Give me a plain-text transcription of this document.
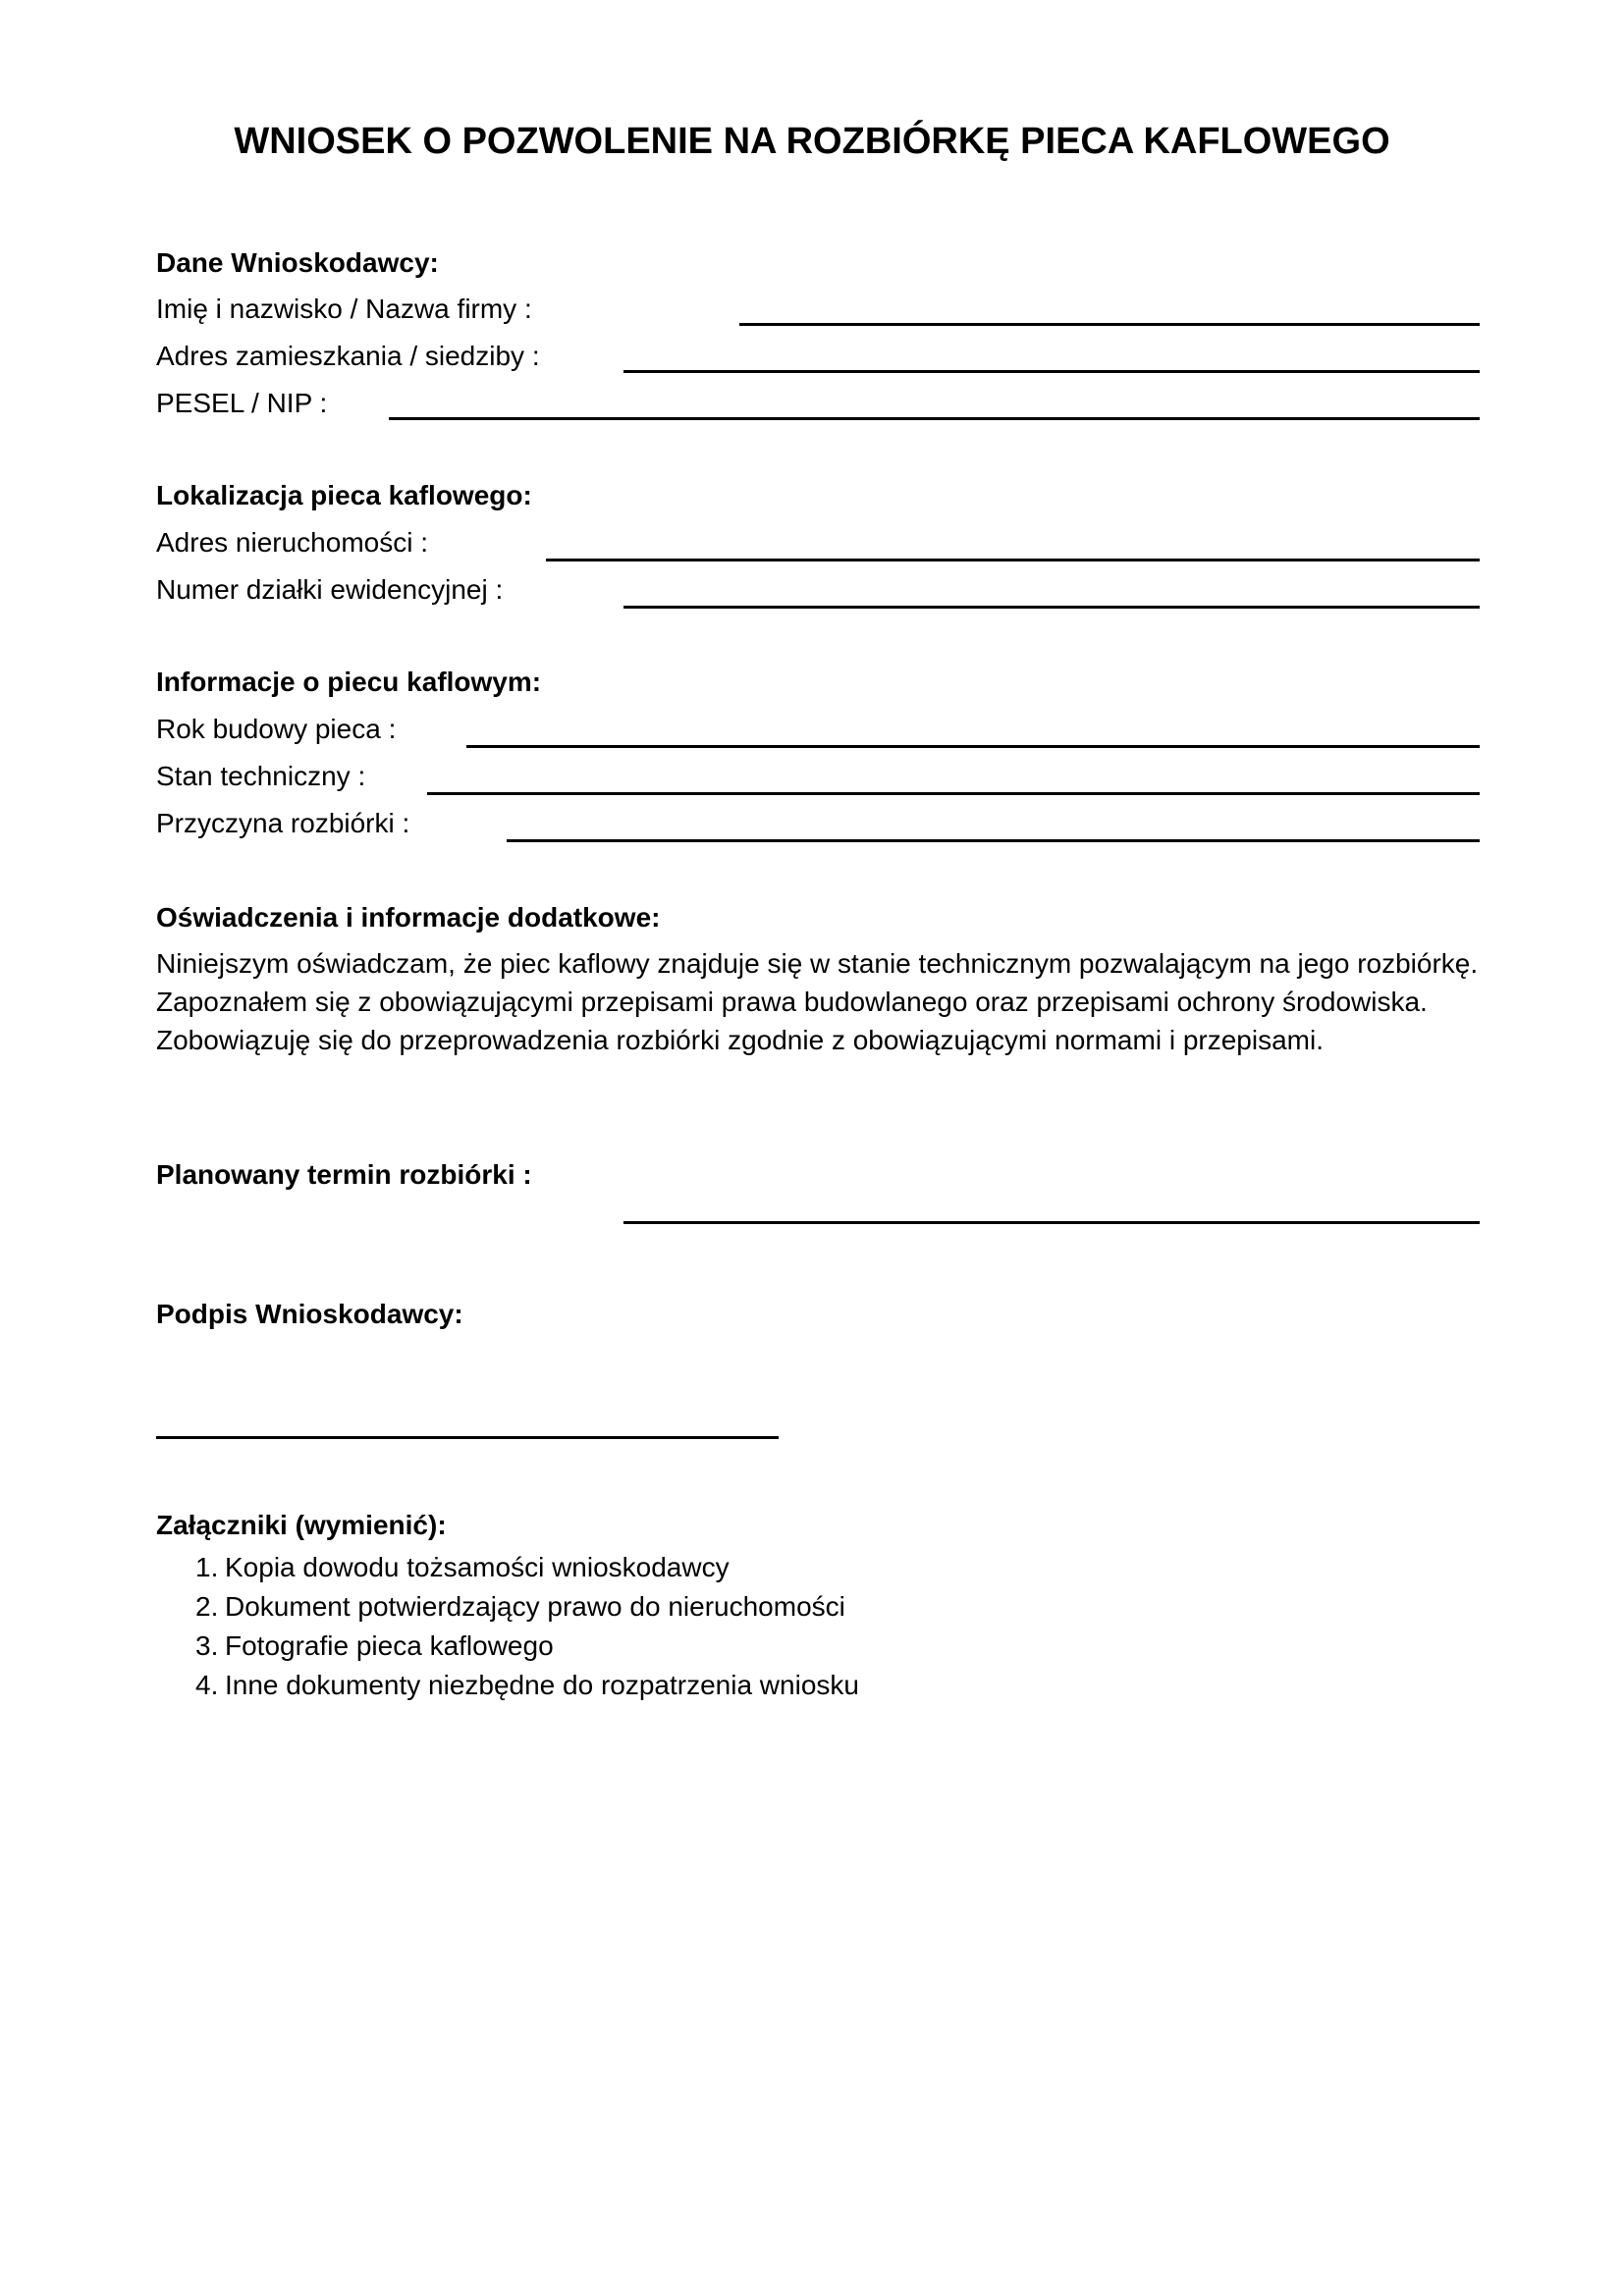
WNIOSEK O POZWOLENIE NA ROZBIÓRKĘ PIECA KAFLOWEGO
Dane Wnioskodawcy:
Imię i nazwisko / Nazwa firmy :
Adres zamieszkania / siedziby :
PESEL / NIP :
Lokalizacja pieca kaflowego:
Adres nieruchomości :
Numer działki ewidencyjnej :
Informacje o piecu kaflowym:
Rok budowy pieca :
Stan techniczny :
Przyczyna rozbiórki :
Oświadczenia i informacje dodatkowe:

Niniejszym oświadczam, że piec kaflowy znajduje się w stanie technicznym pozwalającym na jego rozbiórkę.

Zapoznałem się z obowiązującymi przepisami prawa budowlanego oraz przepisami ochrony środowiska.

Zobowiązuję się do przeprowadzenia rozbiórki zgodnie z obowiązującymi normami i przepisami.

Planowany termin rozbiórki :
Podpis Wnioskodawcy:
Załączniki (wymienić):
1. Kopia dowodu tożsamości wnioskodawcy
2. Dokument potwierdzający prawo do nieruchomości
3. Fotografie pieca kaflowego
4. Inne dokumenty niezbędne do rozpatrzenia wniosku
